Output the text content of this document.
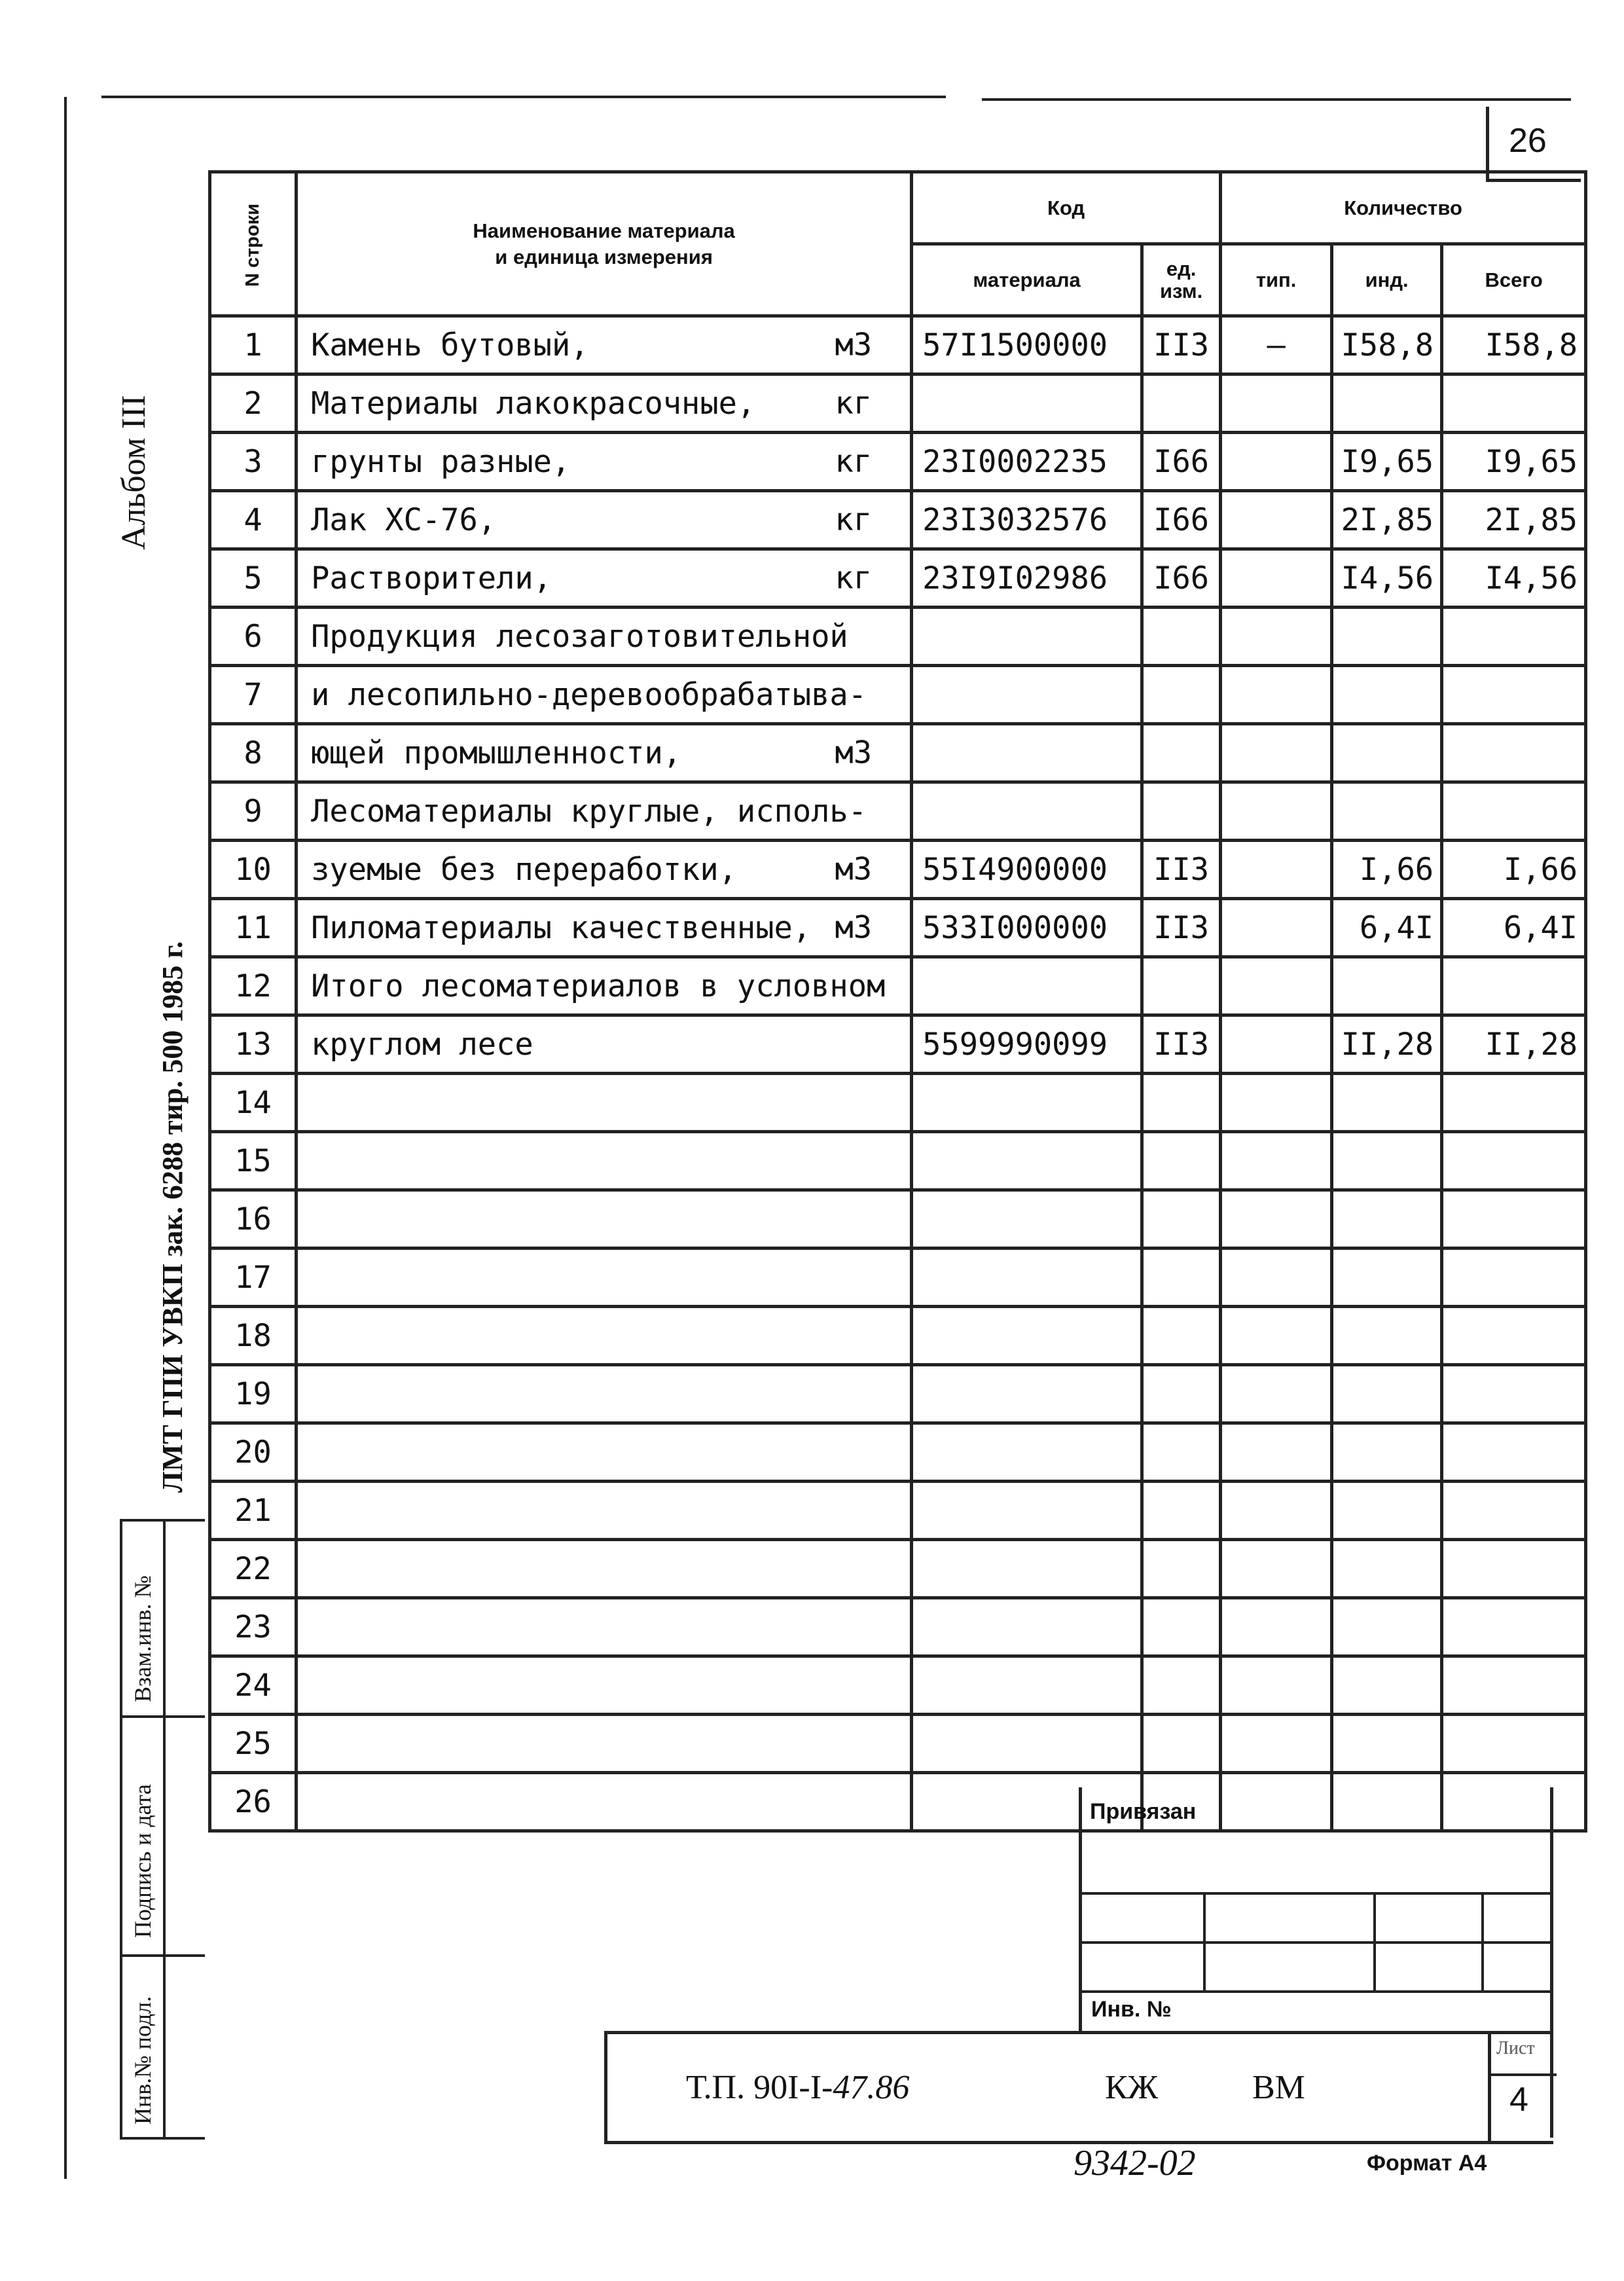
26
Альбом III
ЛМТ ГПИ УВКП зак. 6288 тир. 500 1985 г.
N строки	Наименование материала
и единица измерения	Код		Количество		
		материала	ед. изм.	тип.	инд.	Всего
1	Камень бутовый, м3	57I1500000	II3	–	I58,8	I58,8
2	Материалы лакокрасочные, кг					

3	грунты разные, кг	23I0002235	I66		I9,65	I9,65
4	Лак ХС-76, кг	23I3032576	I66		2I,85	2I,85
5	Растворители, кг	23I9I02986	I66		I4,56	I4,56
6	Продукция лесозаготовительной

7	и лесопильно-деревообрабатыва-

8	ющей промышленности, м3					

9	Лесоматериалы круглые, исполь-

10	зуемые без переработки, м3	55I4900000	II3		I,66	I,66
11	Пиломатериалы качественные, м3	533I000000	II3		6,4I	6,4I
12	Итого лесоматериалов в условном

13	круглом лесе	5599990099	II3		II,28	II,28
14	

15	

16	

17	

18	

19	

20	

21	

22	

23	

24	

25	

26	
						Привязан
Инв. №
Т.П. 90I-I-47.86	КЖ	ВМ
Лист
4
Взам.инв. №
Подпись и дата
Инв.№ подл.
9342-02	Формат А4
